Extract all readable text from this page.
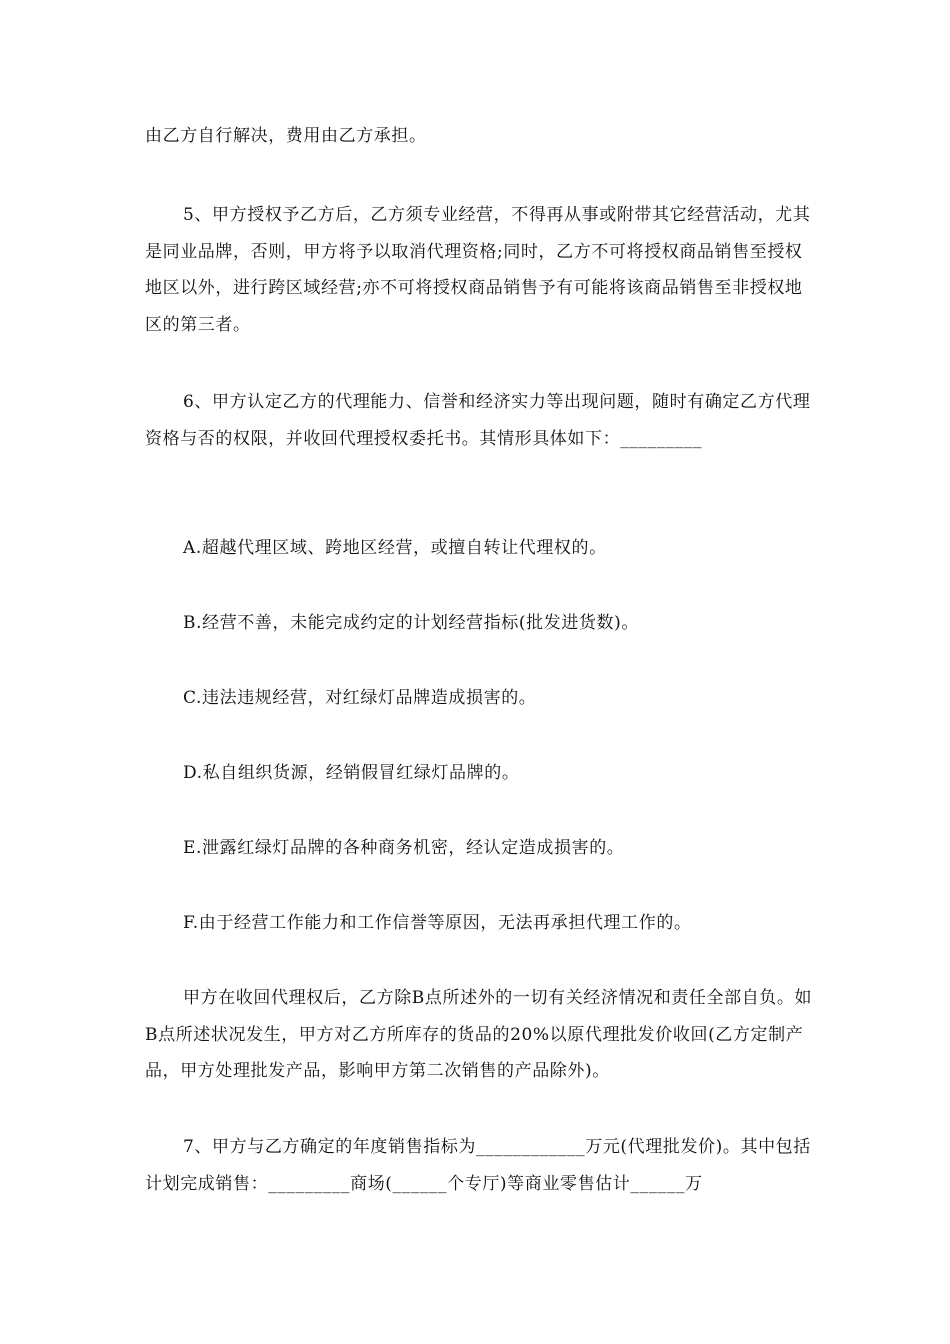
由乙方自行解决，费用由乙方承担。

5、甲方授权予乙方后，乙方须专业经营，不得再从事或附带其它经营活动，尤其是同业品牌，否则，甲方将予以取消代理资格;同时，乙方不可将授权商品销售至授权地区以外，进行跨区域经营;亦不可将授权商品销售予有可能将该商品销售至非授权地区的第三者。

6、甲方认定乙方的代理能力、信誉和经济实力等出现问题，随时有确定乙方代理资格与否的权限，并收回代理授权委托书。其情形具体如下：_________

A.超越代理区域、跨地区经营，或擅自转让代理权的。

B.经营不善，未能完成约定的计划经营指标(批发进货数)。

C.违法违规经营，对红绿灯品牌造成损害的。

D.私自组织货源，经销假冒红绿灯品牌的。

E.泄露红绿灯品牌的各种商务机密，经认定造成损害的。

F.由于经营工作能力和工作信誉等原因，无法再承担代理工作的。

甲方在收回代理权后，乙方除B点所述外的一切有关经济情况和责任全部自负。如B点所述状况发生，甲方对乙方所库存的货品的20%以原代理批发价收回(乙方定制产品，甲方处理批发产品，影响甲方第二次销售的产品除外)。

7、甲方与乙方确定的年度销售指标为____________万元(代理批发价)。其中包括计划完成销售：_________商场(______个专厅)等商业零售估计______万
